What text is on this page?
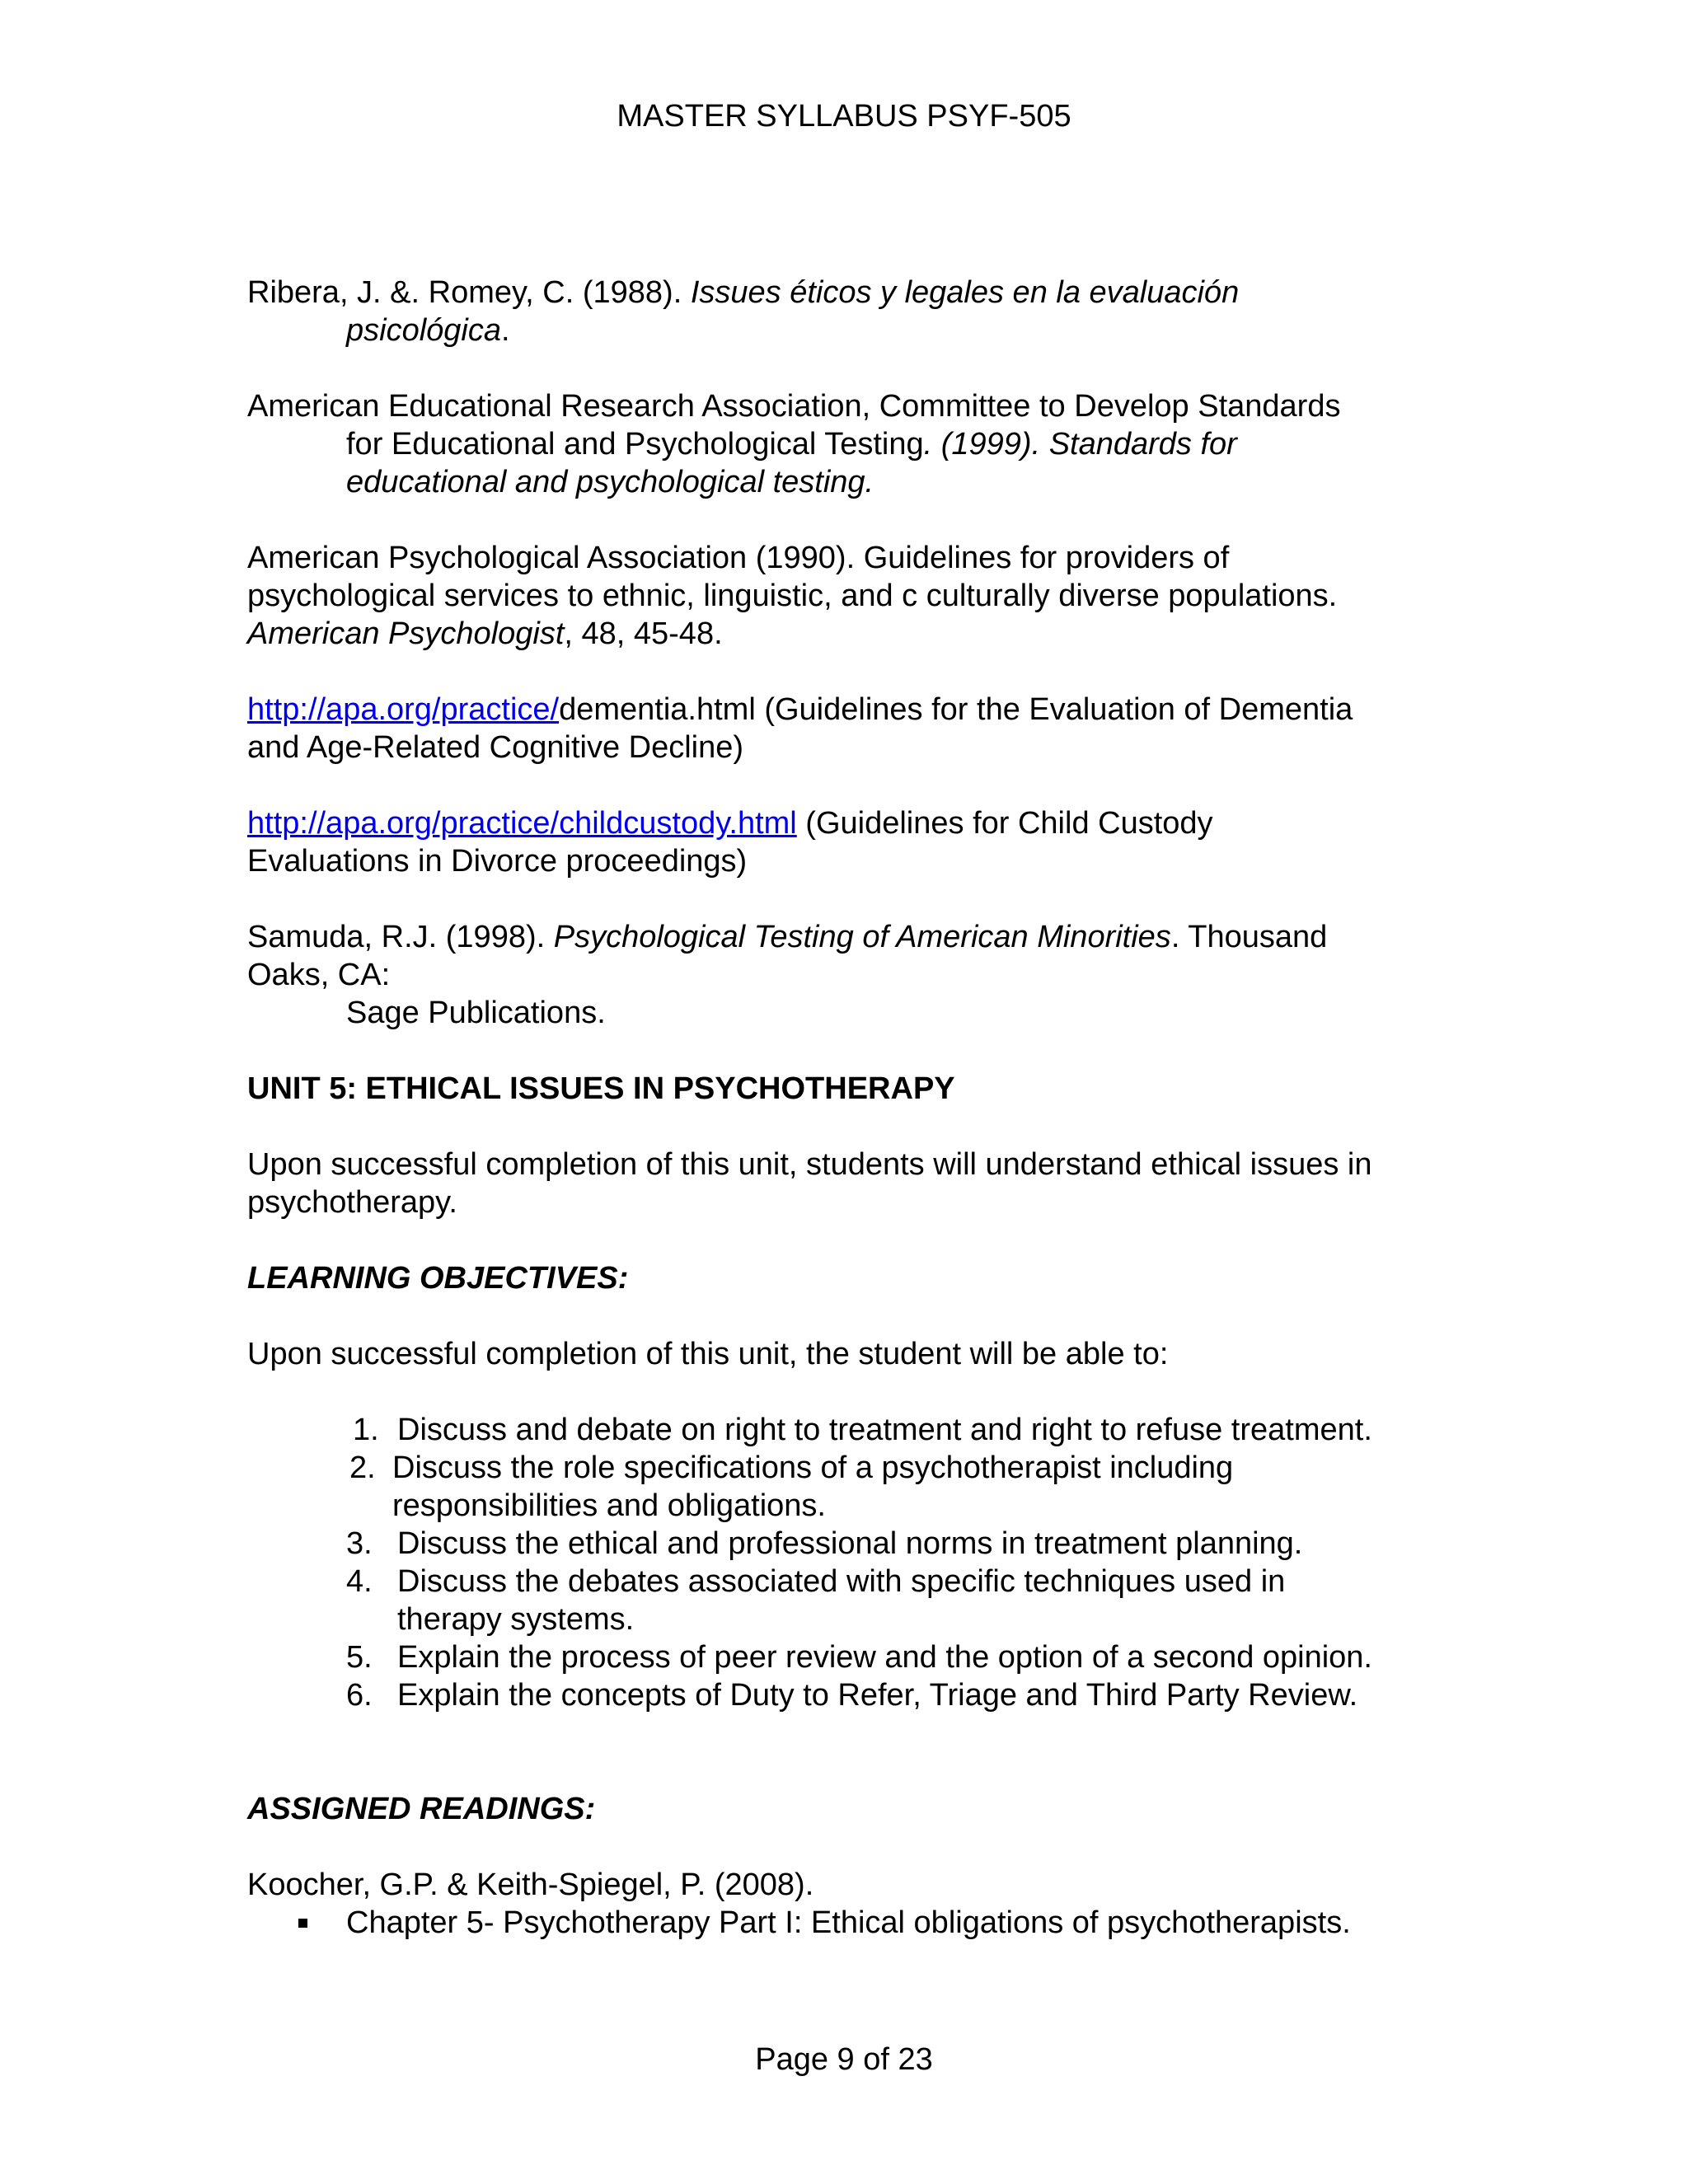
MASTER SYLLABUS PSYF-505
Ribera, J. &. Romey, C. (1988). Issues éticos y legales en la evaluación
psicológica.
American Educational Research Association, Committee to Develop Standards
for Educational and Psychological Testing. (1999). Standards for
educational and psychological testing.
American Psychological Association (1990). Guidelines for providers of
psychological services to ethnic, linguistic, and c culturally diverse populations.
American Psychologist, 48, 45-48.
http://apa.org/practice/dementia.html (Guidelines for the Evaluation of Dementia
and Age-Related Cognitive Decline)
http://apa.org/practice/childcustody.html (Guidelines for Child Custody
Evaluations in Divorce proceedings)
Samuda, R.J. (1998). Psychological Testing of American Minorities. Thousand
Oaks, CA:
Sage Publications.
UNIT 5: ETHICAL ISSUES IN PSYCHOTHERAPY
Upon successful completion of this unit, students will understand ethical issues in
psychotherapy.
LEARNING OBJECTIVES:
Upon successful completion of this unit, the student will be able to:
1. Discuss and debate on right to treatment and right to refuse treatment.
2. Discuss the role specifications of a psychotherapist including
responsibilities and obligations.
3. Discuss the ethical and professional norms in treatment planning.
4. Discuss the debates associated with specific techniques used in
therapy systems.
5. Explain the process of peer review and the option of a second opinion.
6. Explain the concepts of Duty to Refer, Triage and Third Party Review.
ASSIGNED READINGS:
Koocher, G.P. & Keith-Spiegel, P. (2008).
Chapter 5- Psychotherapy Part I: Ethical obligations of psychotherapists.
Page 9 of 23
